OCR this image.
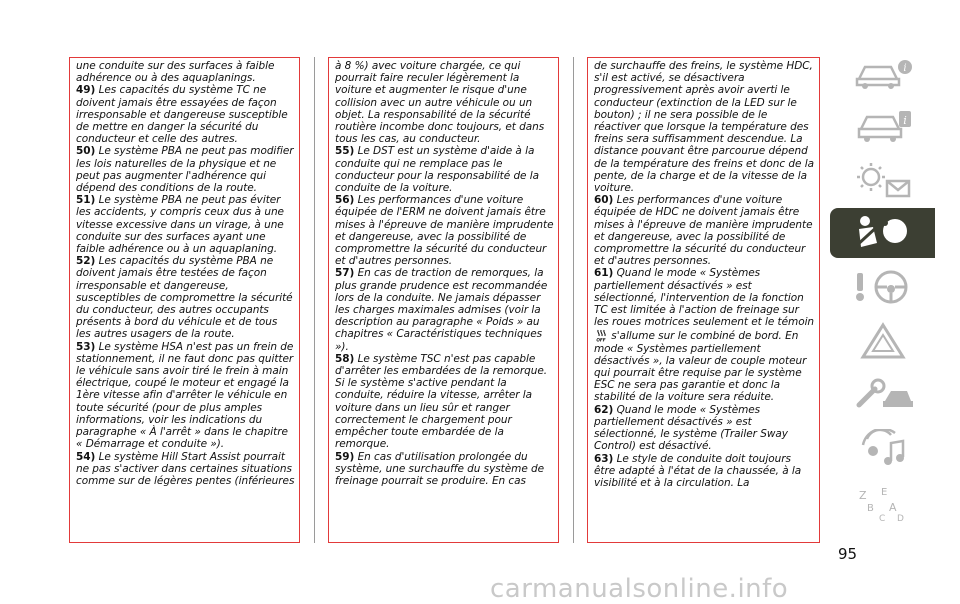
une conduite sur des surfaces à faible adhérence ou à des aquaplanings.

49) Les capacités du système TC ne doivent jamais être essayées de façon irresponsable et dangereuse susceptible de mettre en danger la sécurité du conducteur et celle des autres.

50) Le système PBA ne peut pas modifier les lois naturelles de la physique et ne peut pas augmenter l'adhérence qui dépend des conditions de la route.

51) Le système PBA ne peut pas éviter les accidents, y compris ceux dus à une vitesse excessive dans un virage, à une conduite sur des surfaces ayant une faible adhérence ou à un aquaplaning.

52) Les capacités du système PBA ne doivent jamais être testées de façon irresponsable et dangereuse, susceptibles de compromettre la sécurité du conducteur, des autres occupants présents à bord du véhicule et de tous les autres usagers de la route.

53) Le système HSA n'est pas un frein de stationnement, il ne faut donc pas quitter le véhicule sans avoir tiré le frein à main électrique, coupé le moteur et engagé la 1ère vitesse afin d'arrêter le véhicule en toute sécurité (pour de plus amples informations, voir les indications du paragraphe « À l'arrêt » dans le chapitre « Démarrage et conduite »).

54) Le système Hill Start Assist pourrait ne pas s'activer dans certaines situations comme sur de légères pentes (inférieures

à 8 %) avec voiture chargée, ce qui pourrait faire reculer légèrement la voiture et augmenter le risque d'une collision avec un autre véhicule ou un objet. La responsabilité de la sécurité routière incombe donc toujours, et dans tous les cas, au conducteur.

55) Le DST est un système d'aide à la conduite qui ne remplace pas le conducteur pour la responsabilité de la conduite de la voiture.

56) Les performances d'une voiture équipée de l'ERM ne doivent jamais être mises à l'épreuve de manière imprudente et dangereuse, avec la possibilité de compromettre la sécurité du conducteur et d'autres personnes.

57) En cas de traction de remorques, la plus grande prudence est recommandée lors de la conduite. Ne jamais dépasser les charges maximales admises (voir la description au paragraphe « Poids » au chapitres « Caractéristiques techniques »).

58) Le système TSC n'est pas capable d'arrêter les embardées de la remorque. Si le système s'active pendant la conduite, réduire la vitesse, arrêter la voiture dans un lieu sûr et ranger correctement le chargement pour empêcher toute embardée de la remorque.

59) En cas d'utilisation prolongée du système, une surchauffe du système de freinage pourrait se produire. En cas

de surchauffe des freins, le système HDC, s'il est activé, se désactivera progressivement après avoir averti le conducteur (extinction de la LED sur le bouton) ; il ne sera possible de le réactiver que lorsque la température des freins sera suffisamment descendue. La distance pouvant être parcourue dépend de la température des freins et donc de la pente, de la charge et de la vitesse de la voiture.

60) Les performances d'une voiture équipée de HDC ne doivent jamais être mises à l'épreuve de manière imprudente et dangereuse, avec la possibilité de compromettre la sécurité du conducteur et d'autres personnes.

61) Quand le mode « Systèmes partiellement désactivés » est sélectionné, l'intervention de la fonction TC est limitée à l'action de freinage sur les roues motrices seulement et le témoin
OFF s'allume sur le combiné de bord. En mode « Systèmes partiellement désactivés », la valeur de couple moteur qui pourrait être requise par le système ESC ne sera pas garantie et donc la stabilité de la voiture sera réduite.

62) Quand le mode « Systèmes partiellement désactivés » est sélectionné, le système (Trailer Sway Control) est désactivé.

63) Le style de conduite doit toujours être adapté à l'état de la chaussée, à la visibilité et à la circulation. La

i
i
Z E
B A
C D
95
carmanualsonline.info
